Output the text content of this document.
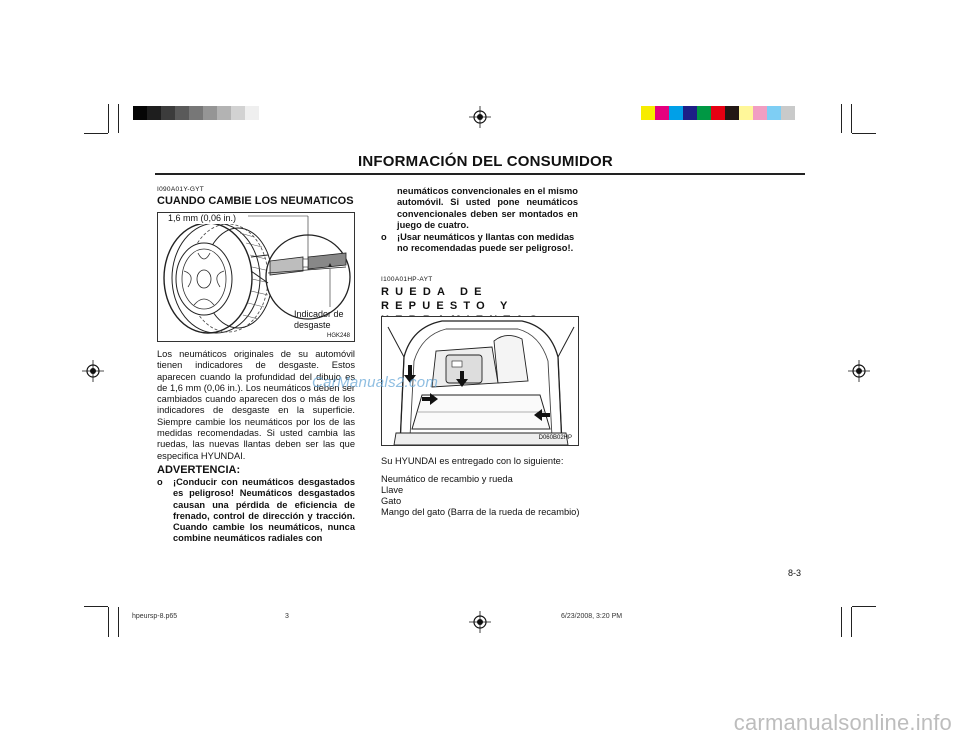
INFORMACIÓN DEL CONSUMIDOR
I090A01Y-GYT
CUANDO CAMBIE LOS NEUMATICOS
1,6 mm (0,06 in.)
Indicador de desgaste
HGK248
Los neumáticos originales de su automóvil tienen indicadores de desgaste. Estos aparecen cuando la profundidad del dibujo es de 1,6 mm (0,06 in.). Los neumáticos deben ser cambiados cuando aparecen dos o más de los indicadores de desgaste en la superficie. Siempre cambie los neumáticos por los de las medidas recomendadas. Si usted cambia las ruedas, las nuevas llantas deben ser las que especifica HYUNDAI.
ADVERTENCIA:
o	¡Conducir con neumáticos desgastados es peligroso! Neumáticos desgastados causan una pérdida de eficiencia de frenado, control de dirección y tracción. Cuando cambie los neumáticos, nunca combine neumáticos radiales con
neumáticos convencionales en el mismo automóvil. Si usted pone neumáticos convencionales deben ser montados en juego de cuatro.
o	¡Usar neumáticos y llantas con medidas no recomendadas puede ser peligroso!.
I100A01HP-AYT
RUEDA DE REPUESTO Y
D060B02HP
Su HYUNDAI es entregado con lo siguiente:
Neumático de recambio y rueda
Llave
Gato
Mango del gato (Barra de la rueda de recambio)
8-3
CarManuals2.com
hpeursp-8.p65	3	6/23/2008, 3:20 PM
carmanualsonline.info
